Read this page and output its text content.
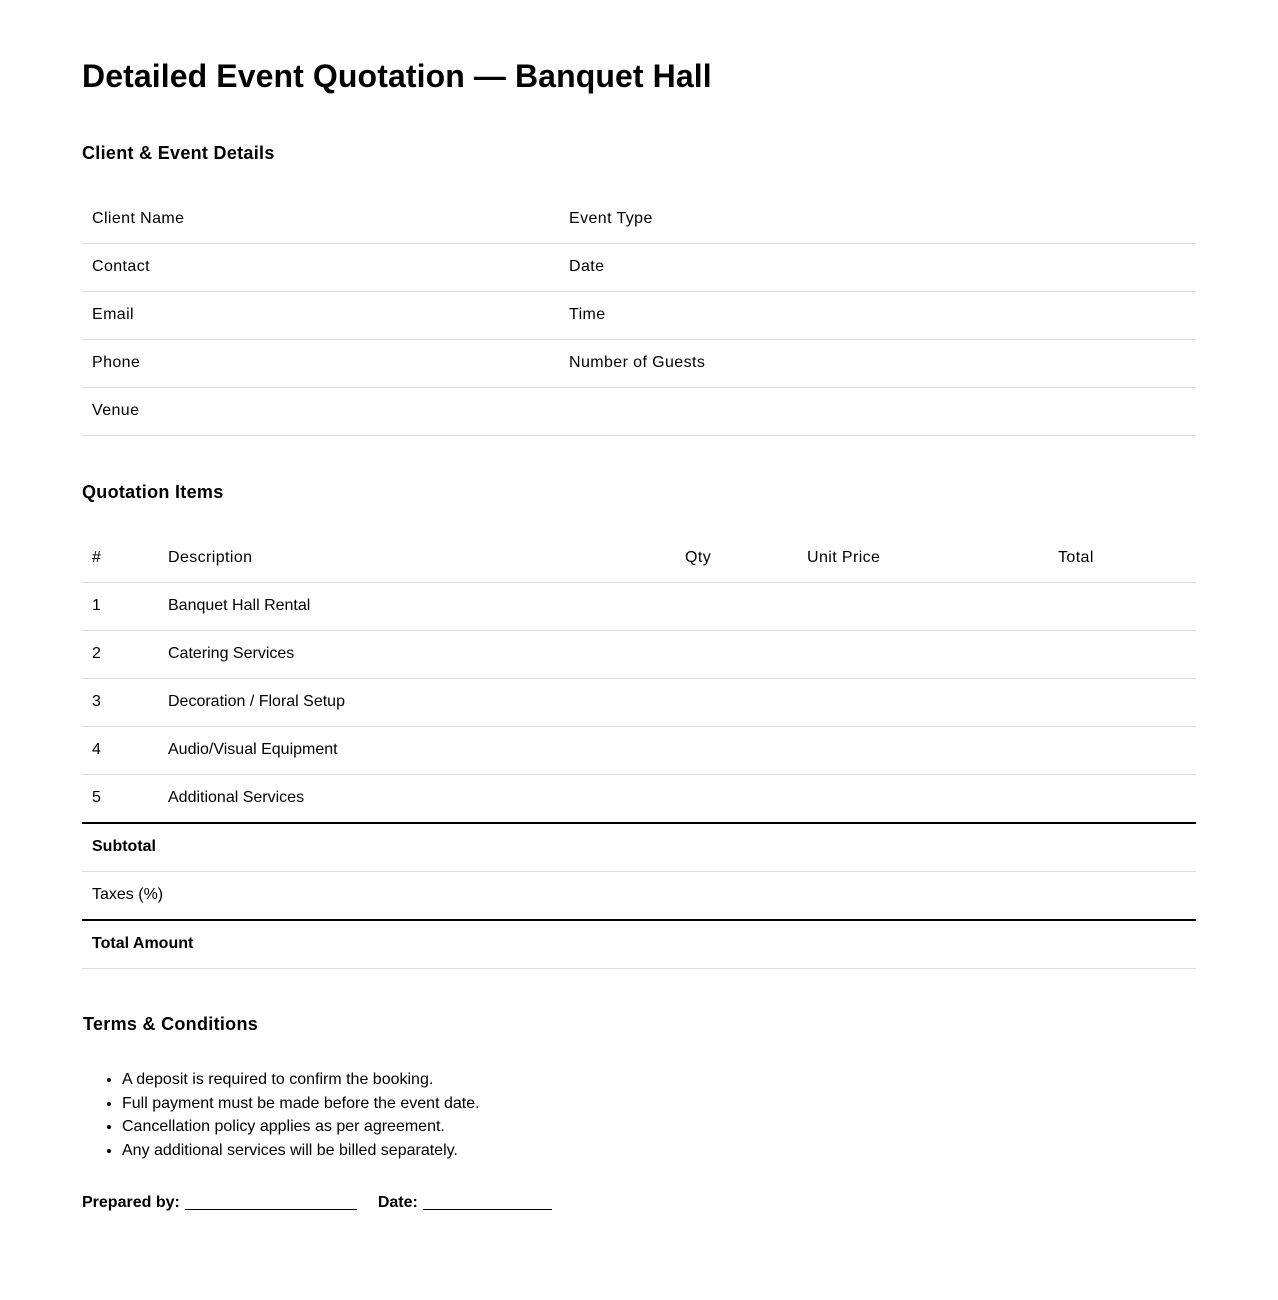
Detailed Event Quotation — Banquet Hall
Client & Event Details
Client Name	Event Type
Contact	Date
Email	Time
Phone	Number of Guests
Venue
Quotation Items
#	Description	Qty	Unit Price	Total
1	Banquet Hall Rental
2	Catering Services
3	Decoration / Floral Setup
4	Audio/Visual Equipment
5	Additional Services
Subtotal
Taxes (%)
Total Amount
Terms & Conditions
• A deposit is required to confirm the booking.
• Full payment must be made before the event date.
• Cancellation policy applies as per agreement.
• Any additional services will be billed separately.
Prepared by:	Date:
